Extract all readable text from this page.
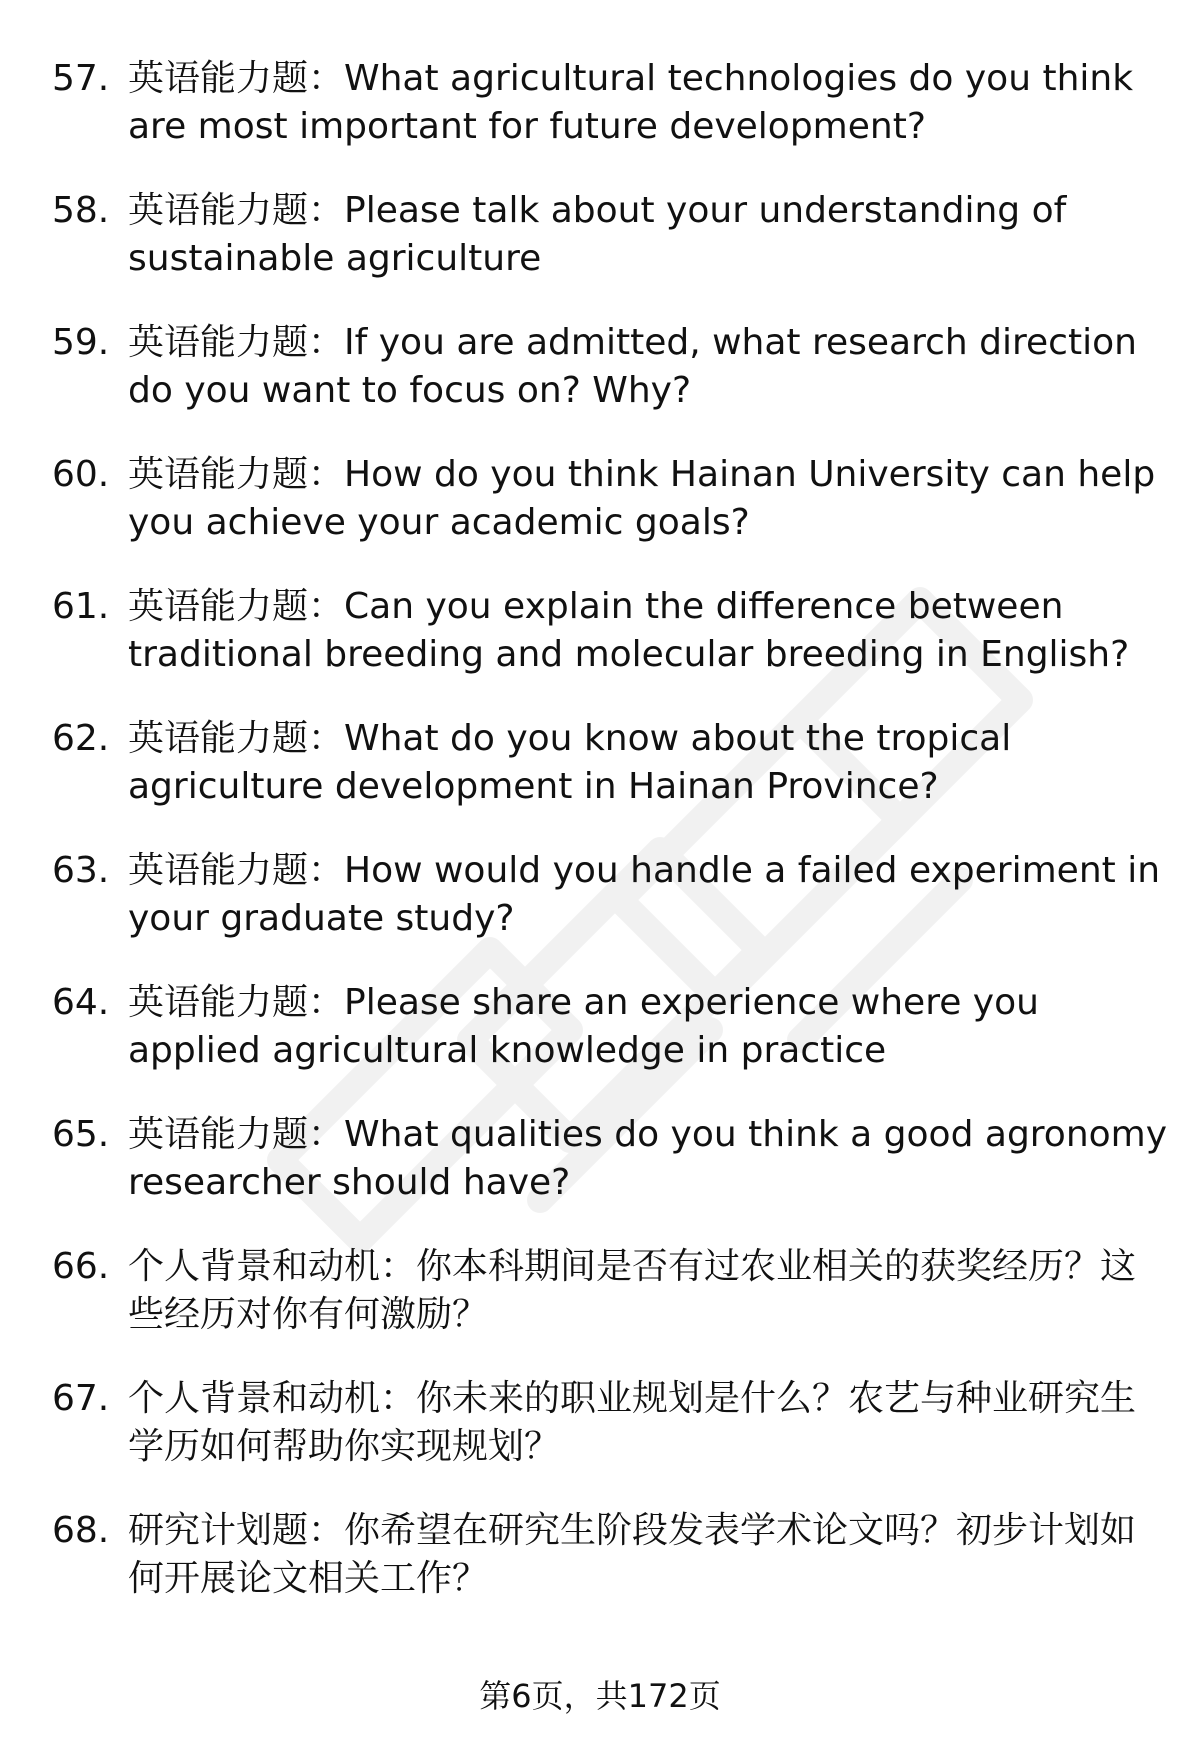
57. 英语能力题：What agricultural technologies do you think are most important for future development?
58. 英语能力题：Please talk about your understanding of sustainable agriculture
59. 英语能力题：If you are admitted, what research direction do you want to focus on? Why?
60. 英语能力题：How do you think Hainan University can help you achieve your academic goals?
61. 英语能力题：Can you explain the difference between traditional breeding and molecular breeding in English?
62. 英语能力题：What do you know about the tropical agriculture development in Hainan Province?
63. 英语能力题：How would you handle a failed experiment in your graduate study?
64. 英语能力题：Please share an experience where you applied agricultural knowledge in practice
65. 英语能力题：What qualities do you think a good agronomy researcher should have?
66. 个人背景和动机：你本科期间是否有过农业相关的获奖经历？这些经历对你有何激励？
67. 个人背景和动机：你未来的职业规划是什么？农艺与种业研究生学历如何帮助你实现规划？
68. 研究计划题：你希望在研究生阶段发表学术论文吗？初步计划如何开展论文相关工作？
第6页，共172页
